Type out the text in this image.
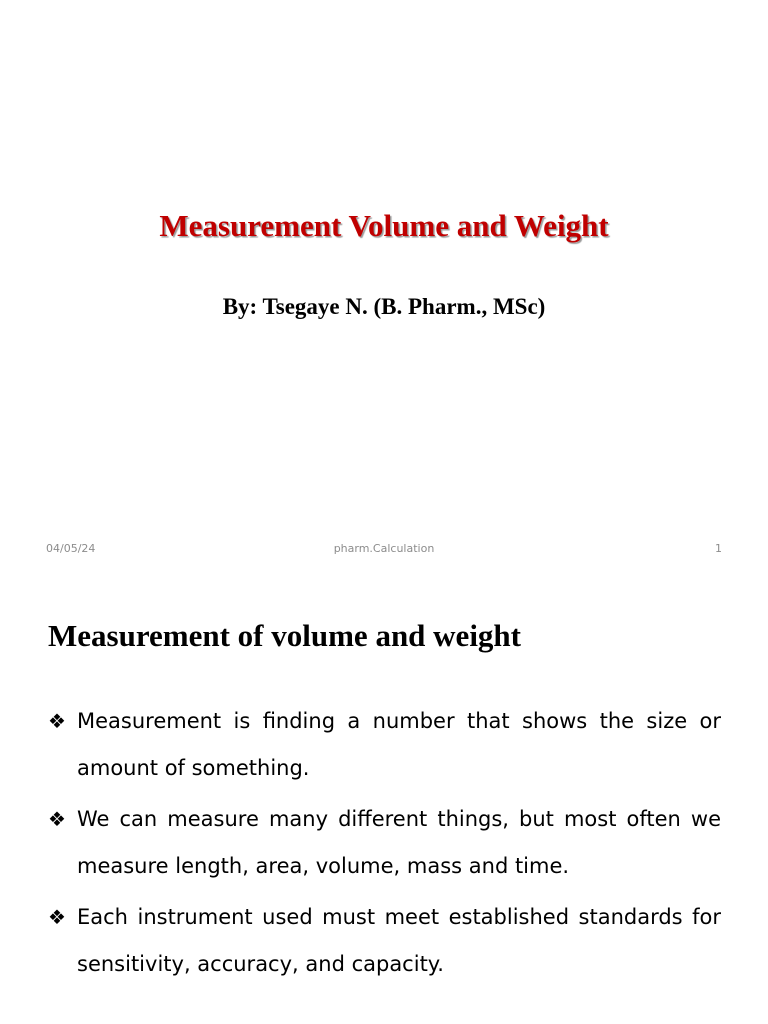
Measurement Volume and Weight

By: Tsegaye N. (B. Pharm., MSc)

04/05/24	pharm.Calculation	1
Measurement of volume and weight
❖ Measurement is finding a number that shows the size or amount of something.
❖ We can measure many different things, but most often we measure length, area, volume, mass and time.
❖ Each instrument used must meet established standards for sensitivity, accuracy, and capacity.
